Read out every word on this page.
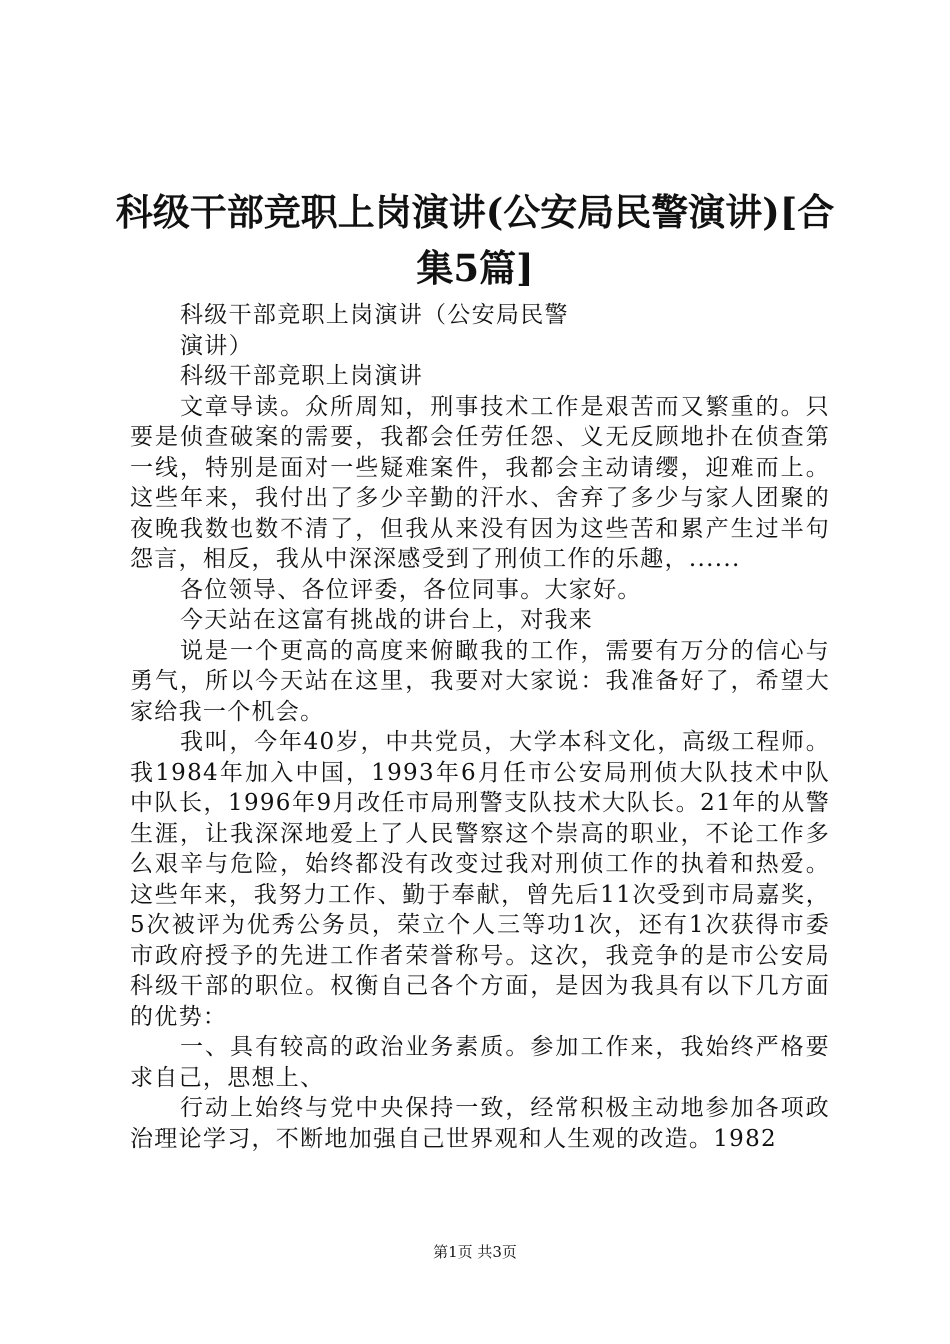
科级干部竞职上岗演讲(公安局民警演讲)[合
集5篇]

科级干部竞职上岗演讲（公安局民警

演讲）

科级干部竞职上岗演讲

文章导读。众所周知，刑事技术工作是艰苦而又繁重的。只要是侦查破案的需要，我都会任劳任怨、义无反顾地扑在侦查第一线，特别是面对一些疑难案件，我都会主动请缨，迎难而上。这些年来，我付出了多少辛勤的汗水、舍弃了多少与家人团聚的夜晚我数也数不清了，但我从来没有因为这些苦和累产生过半句怨言，相反，我从中深深感受到了刑侦工作的乐趣，......

各位领导、各位评委，各位同事。大家好。

今天站在这富有挑战的讲台上，对我来

说是一个更高的高度来俯瞰我的工作，需要有万分的信心与勇气，所以今天站在这里，我要对大家说：我准备好了，希望大家给我一个机会。

我叫，今年40岁，中共党员，大学本科文化，高级工程师。我1984年加入中国，1993年6月任市公安局刑侦大队技术中队中队长，1996年9月改任市局刑警支队技术大队长。21年的从警生涯，让我深深地爱上了人民警察这个崇高的职业，不论工作多么艰辛与危险，始终都没有改变过我对刑侦工作的执着和热爱。这些年来，我努力工作、勤于奉献，曾先后11次受到市局嘉奖，5次被评为优秀公务员，荣立个人三等功1次，还有1次获得市委市政府授予的先进工作者荣誉称号。这次，我竞争的是市公安局科级干部的职位。权衡自己各个方面，是因为我具有以下几方面的优势：

一、具有较高的政治业务素质。参加工作来，我始终严格要求自己，思想上、

行动上始终与党中央保持一致，经常积极主动地参加各项政治理论学习，不断地加强自己世界观和人生观的改造。1982

第1页 共3页
